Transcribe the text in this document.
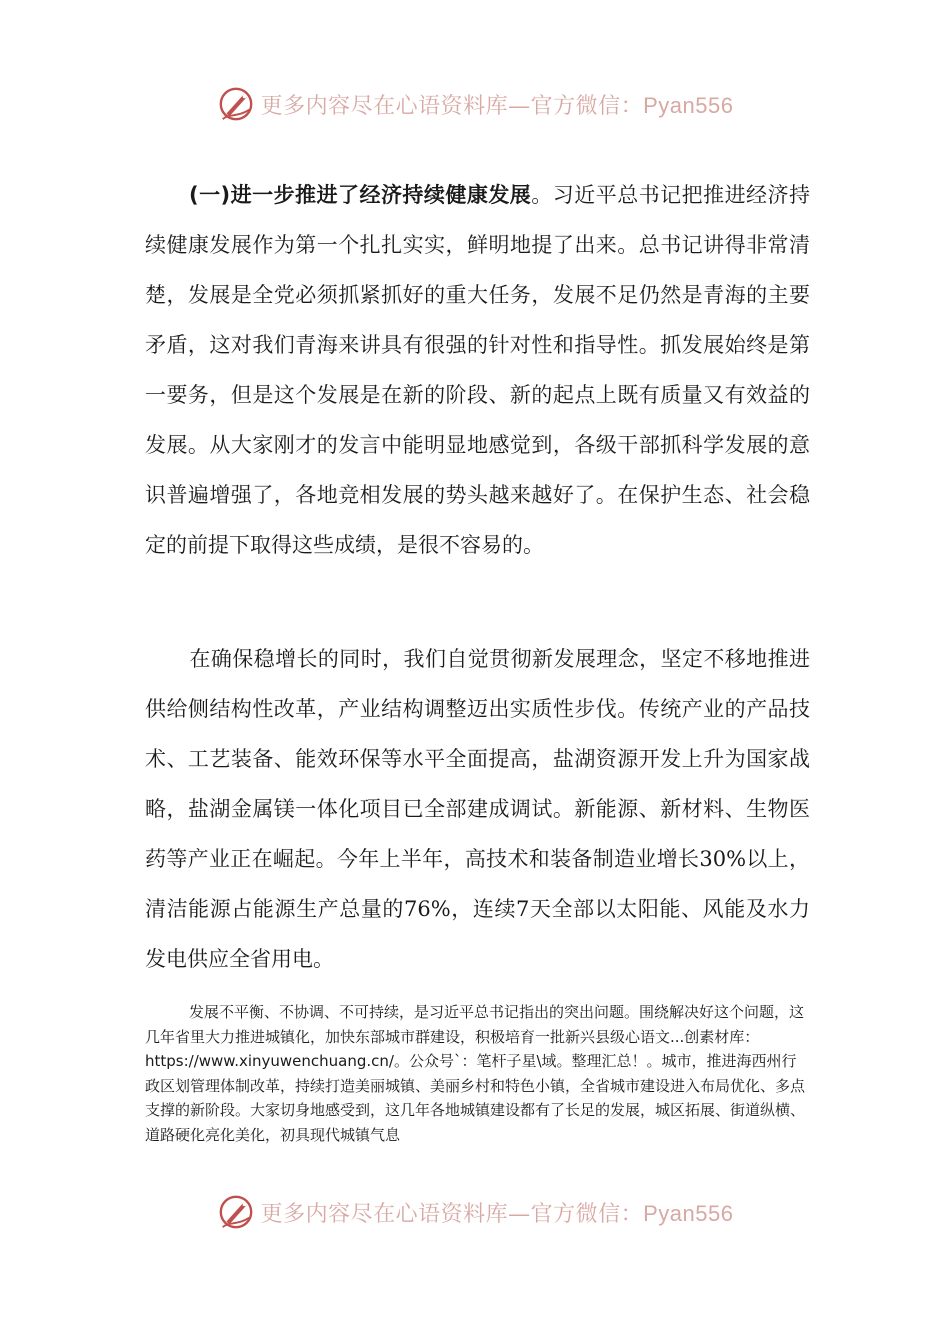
更多内容尽在心语资料库—官方微信：Pyan556

(一)进一步推进了经济持续健康发展。习近平总书记把推进经济持续健康发展作为第一个扎扎实实，鲜明地提了出来。总书记讲得非常清楚，发展是全党必须抓紧抓好的重大任务，发展不足仍然是青海的主要矛盾，这对我们青海来讲具有很强的针对性和指导性。抓发展始终是第一要务，但是这个发展是在新的阶段、新的起点上既有质量又有效益的发展。从大家刚才的发言中能明显地感觉到，各级干部抓科学发展的意识普遍增强了，各地竞相发展的势头越来越好了。在保护生态、社会稳定的前提下取得这些成绩，是很不容易的。

在确保稳增长的同时，我们自觉贯彻新发展理念，坚定不移地推进供给侧结构性改革，产业结构调整迈出实质性步伐。传统产业的产品技术、工艺装备、能效环保等水平全面提高，盐湖资源开发上升为国家战略，盐湖金属镁一体化项目已全部建成调试。新能源、新材料、生物医药等产业正在崛起。今年上半年，高技术和装备制造业增长30%以上，清洁能源占能源生产总量的76%，连续7天全部以太阳能、风能及水力发电供应全省用电。

发展不平衡、不协调、不可持续，是习近平总书记指出的突出问题。围绕解决好这个问题，这几年省里大力推进城镇化，加快东部城市群建设，积极培育一批新兴县级心语文...创素材库：https://www.xinyuwenchuang.cn/。公众号`：笔杆子星\域。整理汇总！。城市，推进海西州行政区划管理体制改革，持续打造美丽城镇、美丽乡村和特色小镇，全省城市建设进入布局优化、多点支撑的新阶段。大家切身地感受到，这几年各地城镇建设都有了长足的发展，城区拓展、街道纵横、道路硬化亮化美化，初具现代城镇气息

更多内容尽在心语资料库—官方微信：Pyan556
